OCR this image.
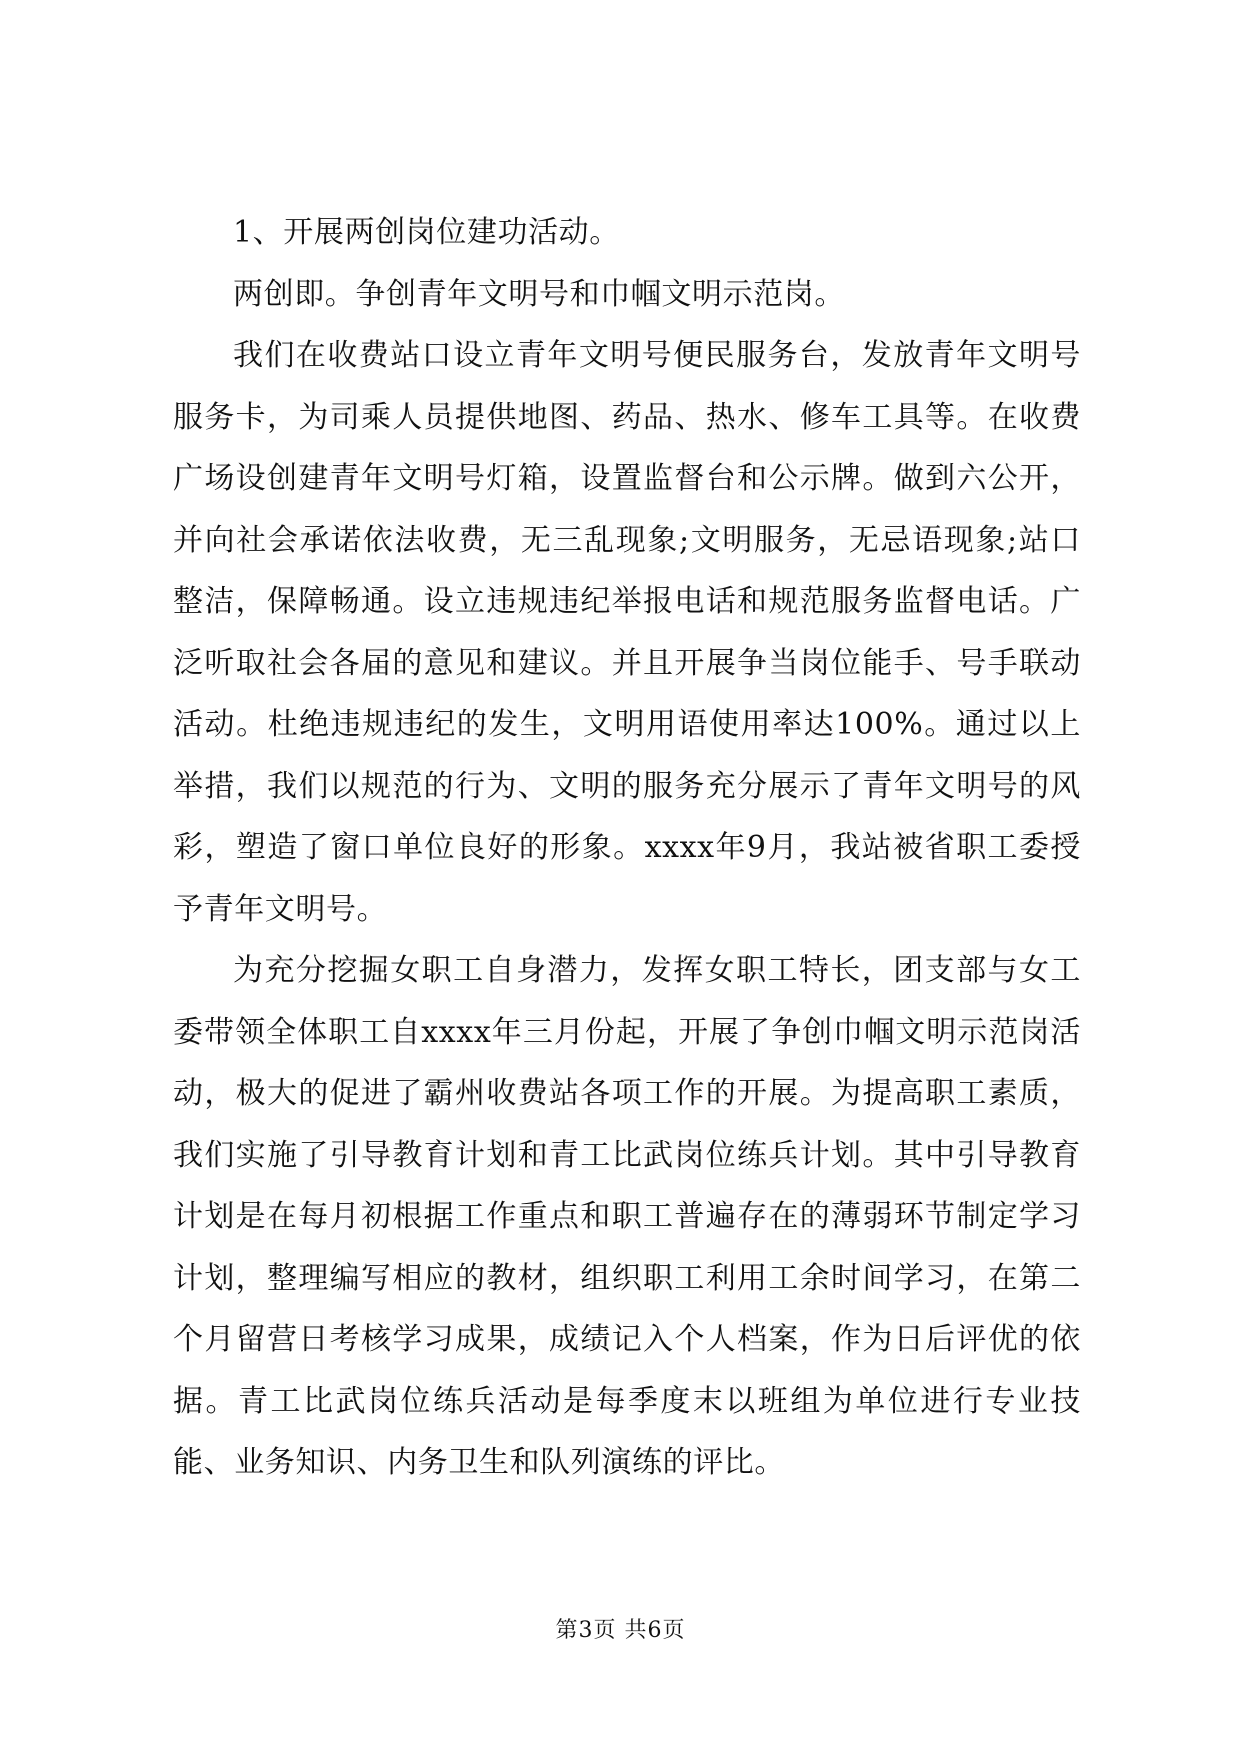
1、开展两创岗位建功活动。

两创即。争创青年文明号和巾帼文明示范岗。

我们在收费站口设立青年文明号便民服务台，发放青年文明号服务卡，为司乘人员提供地图、药品、热水、修车工具等。在收费广场设创建青年文明号灯箱，设置监督台和公示牌。做到六公开，并向社会承诺依法收费，无三乱现象;文明服务，无忌语现象;站口整洁，保障畅通。设立违规违纪举报电话和规范服务监督电话。广泛听取社会各届的意见和建议。并且开展争当岗位能手、号手联动活动。杜绝违规违纪的发生，文明用语使用率达100%。通过以上举措，我们以规范的行为、文明的服务充分展示了青年文明号的风彩，塑造了窗口单位良好的形象。xxxx年9月，我站被省职工委授予青年文明号。

为充分挖掘女职工自身潜力，发挥女职工特长，团支部与女工委带领全体职工自xxxx年三月份起，开展了争创巾帼文明示范岗活动，极大的促进了霸州收费站各项工作的开展。为提高职工素质，我们实施了引导教育计划和青工比武岗位练兵计划。其中引导教育计划是在每月初根据工作重点和职工普遍存在的薄弱环节制定学习计划，整理编写相应的教材，组织职工利用工余时间学习，在第二个月留营日考核学习成果，成绩记入个人档案，作为日后评优的依据。青工比武岗位练兵活动是每季度末以班组为单位进行专业技能、业务知识、内务卫生和队列演练的评比。

第3页 共6页
